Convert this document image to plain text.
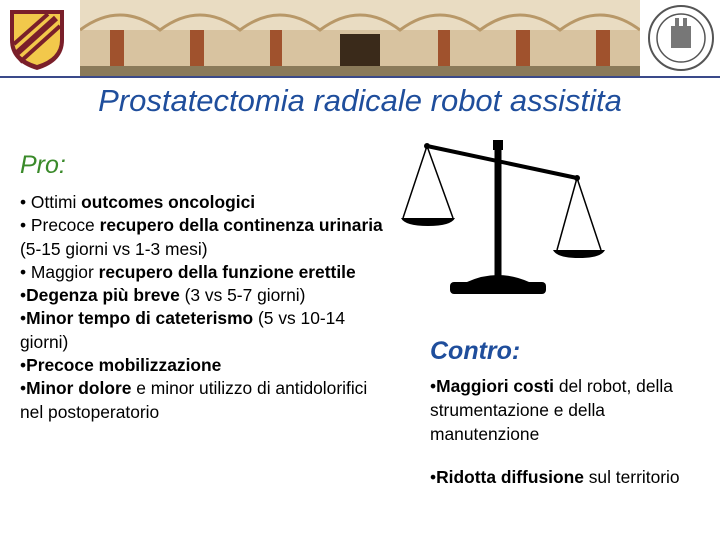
Prostatectomia radicale robot assistita
Pro:

• Ottimi outcomes oncologici

• Precoce recupero della continenza urinaria (5-15 giorni vs 1-3 mesi)

• Maggior recupero della funzione erettile

•Degenza più breve (3 vs 5-7 giorni)

•Minor tempo di cateterismo (5 vs 10-14 giorni)

•Precoce mobilizzazione

•Minor dolore e minor utilizzo di antidolorifici nel postoperatorio

Contro:

•Maggiori costi del robot, della strumentazione e della manutenzione

•Ridotta diffusione sul territorio
